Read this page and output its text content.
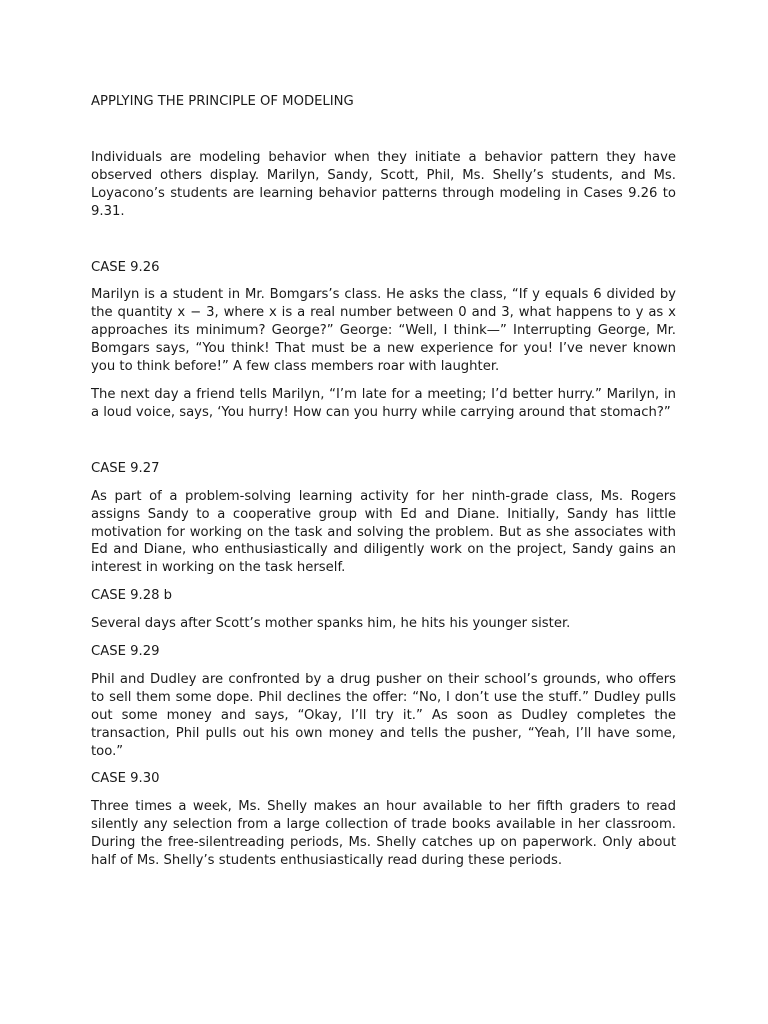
APPLYING THE PRINCIPLE OF MODELING

Individuals are modeling behavior when they initiate a behavior pattern they have observed others display. Marilyn, Sandy, Scott, Phil, Ms. Shelly’s students, and Ms. Loyacono’s students are learning behavior patterns through modeling in Cases 9.26 to 9.31.

CASE 9.26

Marilyn is a student in Mr. Bomgars’s class. He asks the class, “If y equals 6 divided by the quantity x − 3, where x is a real number between 0 and 3, what happens to y as x approaches its minimum? George?” George: “Well, I think—” Interrupting George, Mr. Bomgars says, “You think! That must be a new experience for you! I’ve never known you to think before!” A few class members roar with laughter.

The next day a friend tells Marilyn, “I’m late for a meeting; I’d better hurry.” Marilyn, in a loud voice, says, ‘You hurry! How can you hurry while carrying around that stomach?”

CASE 9.27

As part of a problem-solving learning activity for her ninth-grade class, Ms. Rogers assigns Sandy to a cooperative group with Ed and Diane. Initially, Sandy has little motivation for working on the task and solving the problem. But as she associates with Ed and Diane, who enthusiastically and diligently work on the project, Sandy gains an interest in working on the task herself.

CASE 9.28 b

Several days after Scott’s mother spanks him, he hits his younger sister.

CASE 9.29

Phil and Dudley are confronted by a drug pusher on their school’s grounds, who offers to sell them some dope. Phil declines the offer: “No, I don’t use the stuff.” Dudley pulls out some money and says, “Okay, I’ll try it.” As soon as Dudley completes the transaction, Phil pulls out his own money and tells the pusher, “Yeah, I’ll have some, too.”

CASE 9.30

Three times a week, Ms. Shelly makes an hour available to her fifth graders to read silently any selection from a large collection of trade books available in her classroom. During the free-silentreading periods, Ms. Shelly catches up on paperwork. Only about half of Ms. Shelly’s students enthusiastically read during these periods.
